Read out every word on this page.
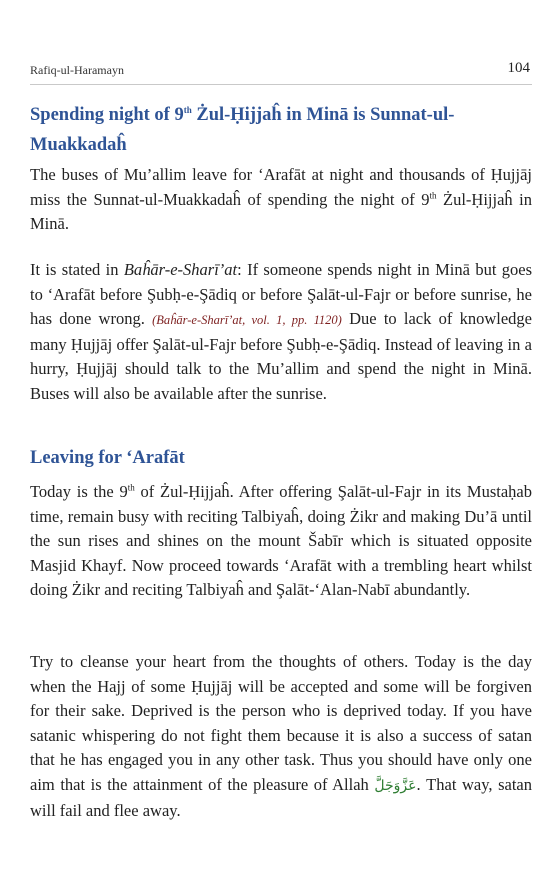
Rafiq-ul-Haramayn	104
Spending night of 9th Żul-Ḥijjaĥ in Minā is Sunnat-ul-Muakkadaĥ

The buses of Mu’allim leave for ‘Arafāt at night and thousands of Ḥujjāj miss the Sunnat-ul-Muakkadaĥ of spending the night of 9th Żul-Ḥijjaĥ in Minā.

It is stated in Baĥār-e-Sharī’at: If someone spends night in Minā but goes to ‘Arafāt before Şubḥ-e-Şādiq or before Şalāt-ul-Fajr or before sunrise, he has done wrong. (Baĥār-e-Sharī’at, vol. 1, pp. 1120) Due to lack of knowledge many Ḥujjāj offer Şalāt-ul-Fajr before Şubḥ-e-Şādiq. Instead of leaving in a hurry, Ḥujjāj should talk to the Mu’allim and spend the night in Minā. Buses will also be available after the sunrise.

Leaving for ‘Arafāt

Today is the 9th of Żul-Ḥijjaĥ. After offering Şalāt-ul-Fajr in its Mustaḥab time, remain busy with reciting Talbiyaĥ, doing Żikr and making Du’ā until the sun rises and shines on the mount Šabīr which is situated opposite Masjid Khayf. Now proceed towards ‘Arafāt with a trembling heart whilst doing Żikr and reciting Talbiyaĥ and Şalāt-‘Alan-Nabī abundantly.

Try to cleanse your heart from the thoughts of others. Today is the day when the Hajj of some Ḥujjāj will be accepted and some will be forgiven for their sake. Deprived is the person who is deprived today. If you have satanic whispering do not fight them because it is also a success of satan that he has engaged you in any other task. Thus you should have only one aim that is the attainment of the pleasure of Allah عَزَّوَجَلَّ. That way, satan will fail and flee away.
